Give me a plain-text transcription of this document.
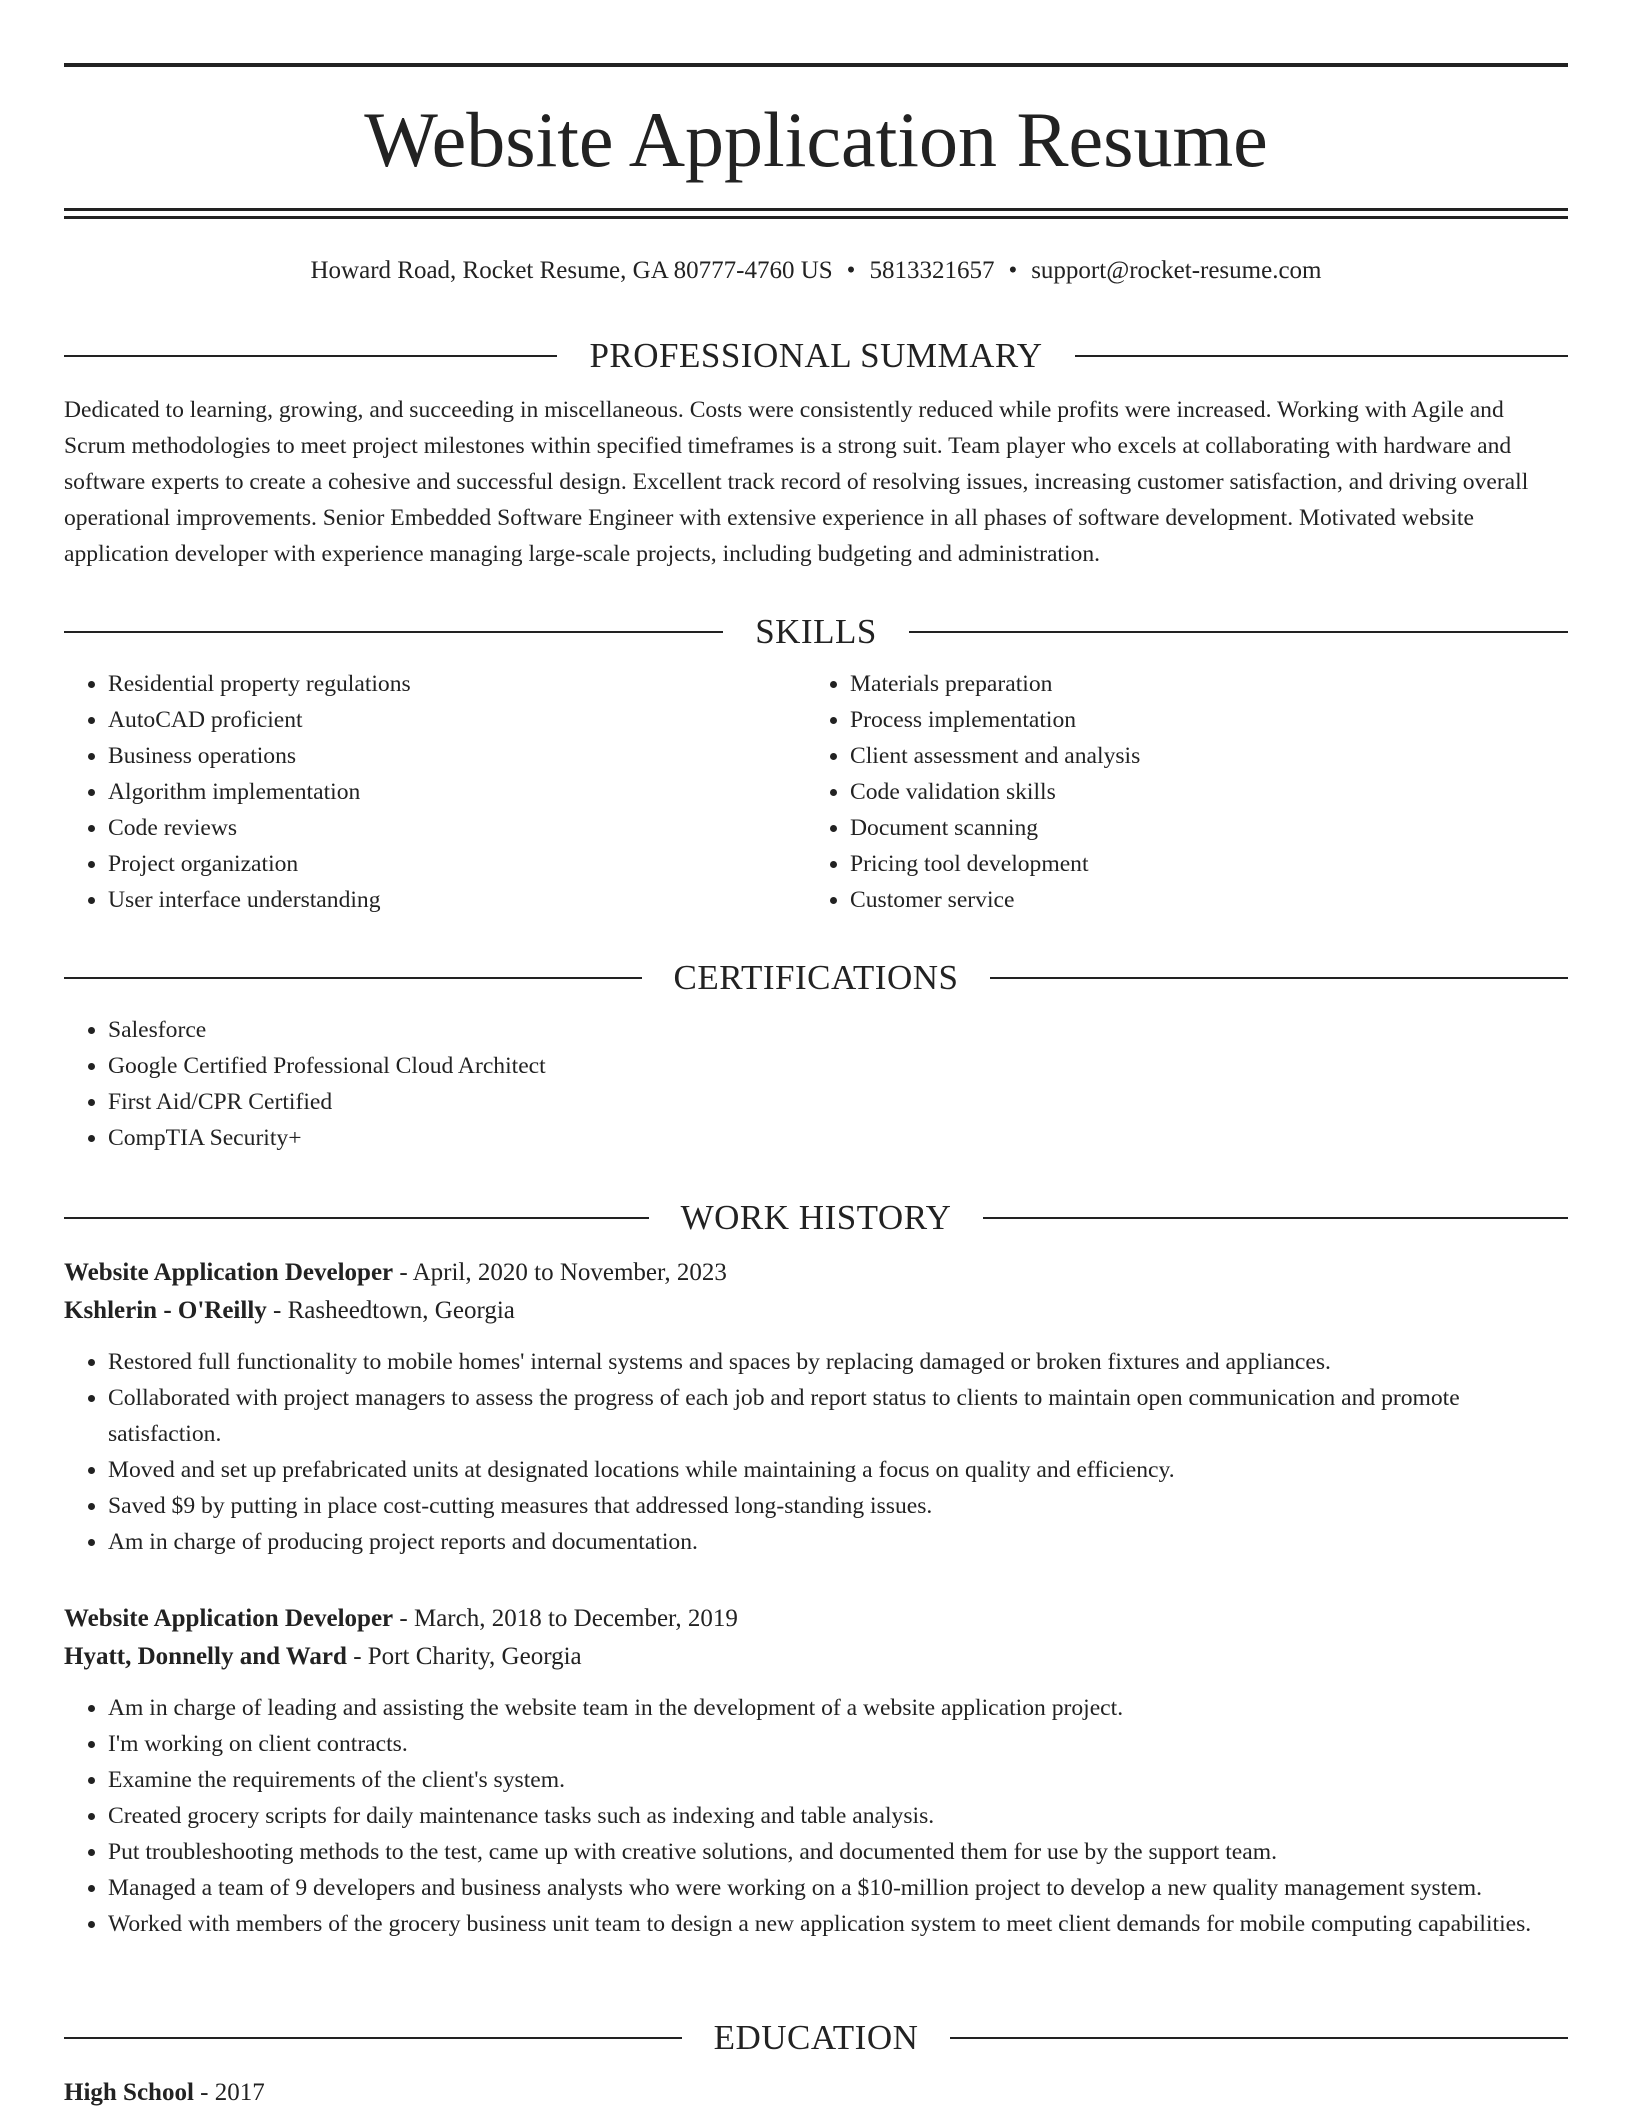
Website Application Resume
Howard Road, Rocket Resume, GA 80777-4760 US • 5813321657 • support@rocket-resume.com
PROFESSIONAL SUMMARY
Dedicated to learning, growing, and succeeding in miscellaneous. Costs were consistently reduced while profits were increased. Working with Agile and Scrum methodologies to meet project milestones within specified timeframes is a strong suit. Team player who excels at collaborating with hardware and software experts to create a cohesive and successful design. Excellent track record of resolving issues, increasing customer satisfaction, and driving overall operational improvements. Senior Embedded Software Engineer with extensive experience in all phases of software development. Motivated website application developer with experience managing large-scale projects, including budgeting and administration.
SKILLS
• Residential property regulations
• AutoCAD proficient
• Business operations
• Algorithm implementation
• Code reviews
• Project organization
• User interface understanding
• Materials preparation
• Process implementation
• Client assessment and analysis
• Code validation skills
• Document scanning
• Pricing tool development
• Customer service
CERTIFICATIONS
• Salesforce
• Google Certified Professional Cloud Architect
• First Aid/CPR Certified
• CompTIA Security+
WORK HISTORY
Website Application Developer - April, 2020 to November, 2023
Kshlerin - O'Reilly - Rasheedtown, Georgia
• Restored full functionality to mobile homes' internal systems and spaces by replacing damaged or broken fixtures and appliances.
• Collaborated with project managers to assess the progress of each job and report status to clients to maintain open communication and promote satisfaction.
• Moved and set up prefabricated units at designated locations while maintaining a focus on quality and efficiency.
• Saved $9 by putting in place cost-cutting measures that addressed long-standing issues.
• Am in charge of producing project reports and documentation.
Website Application Developer - March, 2018 to December, 2019
Hyatt, Donnelly and Ward - Port Charity, Georgia
• Am in charge of leading and assisting the website team in the development of a website application project.
• I'm working on client contracts.
• Examine the requirements of the client's system.
• Created grocery scripts for daily maintenance tasks such as indexing and table analysis.
• Put troubleshooting methods to the test, came up with creative solutions, and documented them for use by the support team.
• Managed a team of 9 developers and business analysts who were working on a $10-million project to develop a new quality management system.
• Worked with members of the grocery business unit team to design a new application system to meet client demands for mobile computing capabilities.
EDUCATION
High School - 2017
